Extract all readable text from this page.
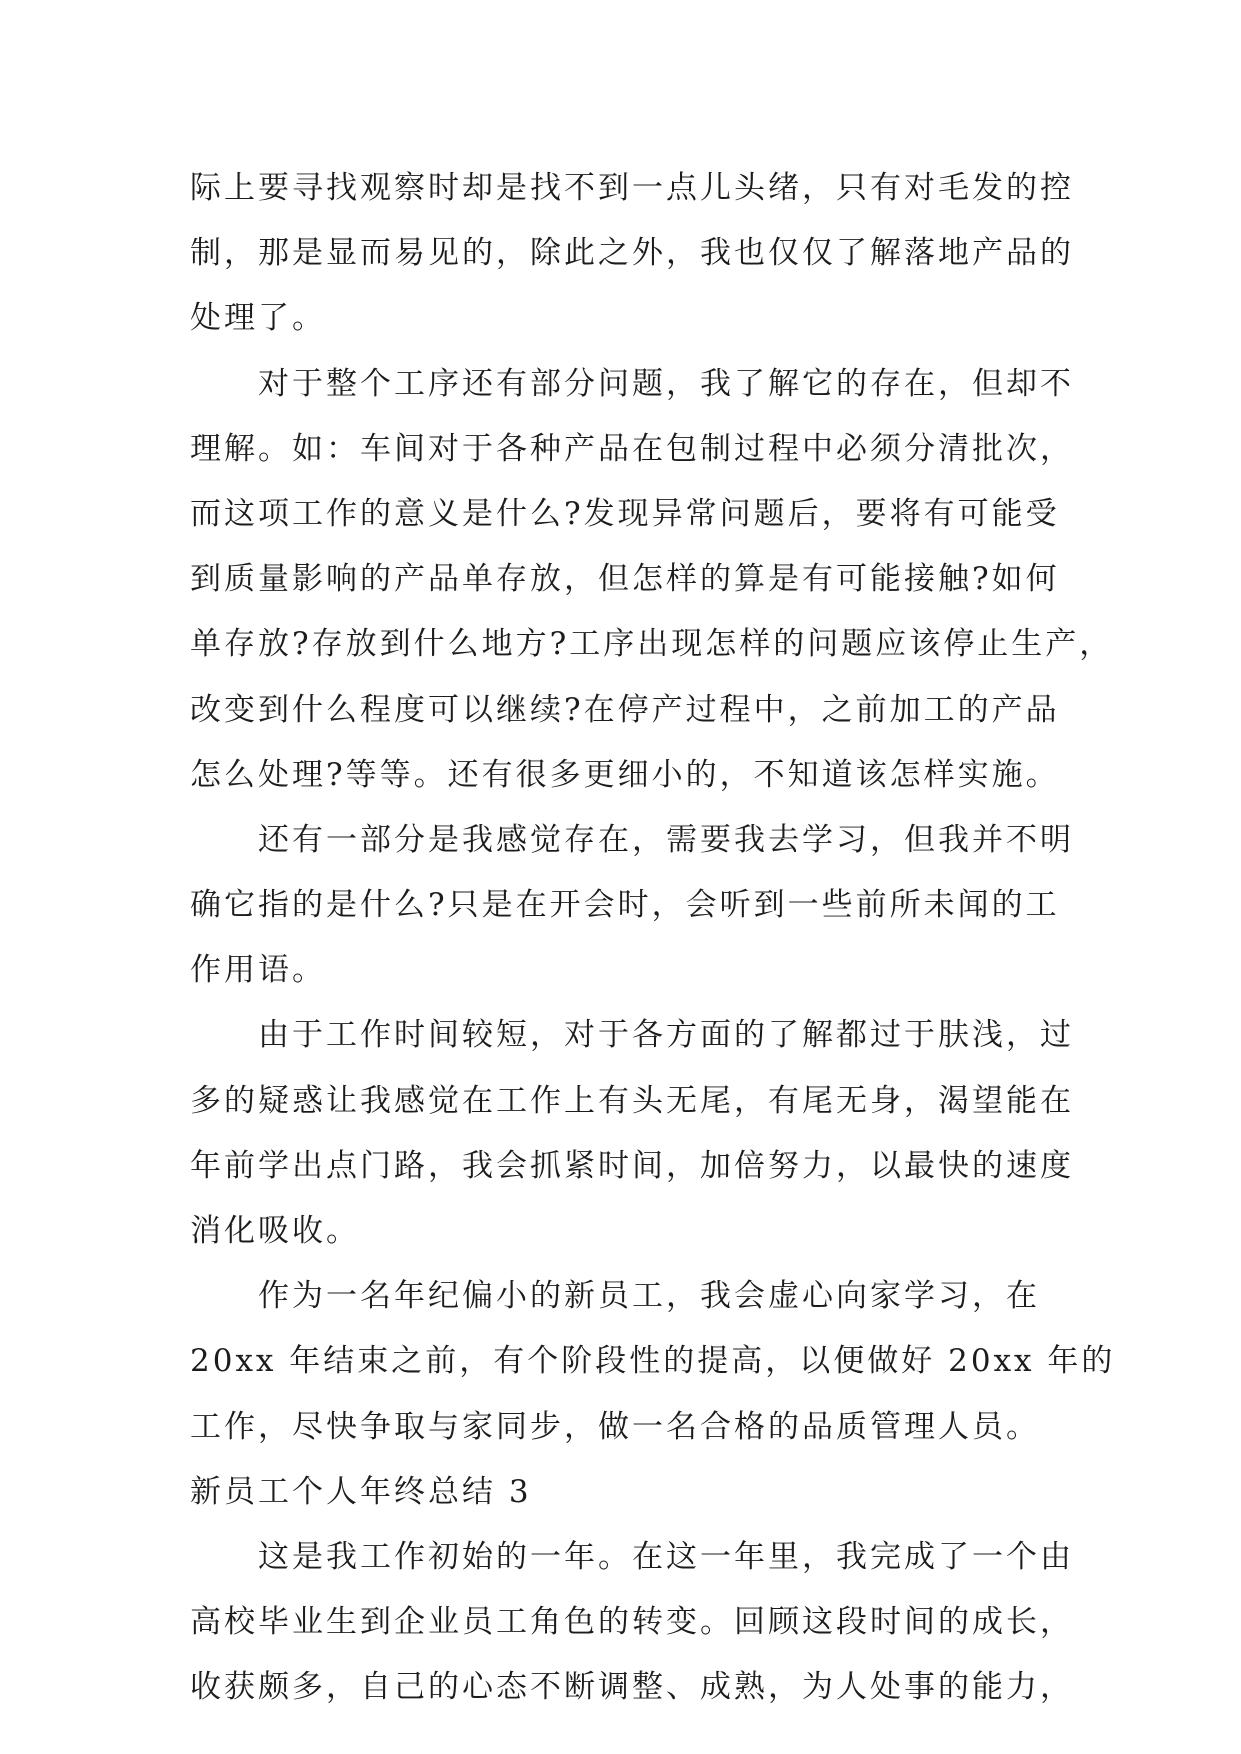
际上要寻找观察时却是找不到一点儿头绪，只有对毛发的控
制，那是显而易见的，除此之外，我也仅仅了解落地产品的
处理了。
对于整个工序还有部分问题，我了解它的存在，但却不
理解。如：车间对于各种产品在包制过程中必须分清批次，
而这项工作的意义是什么?发现异常问题后，要将有可能受
到质量影响的产品单存放，但怎样的算是有可能接触?如何
单存放?存放到什么地方?工序出现怎样的问题应该停止生产，
改变到什么程度可以继续?在停产过程中，之前加工的产品
怎么处理?等等。还有很多更细小的，不知道该怎样实施。
还有一部分是我感觉存在，需要我去学习，但我并不明
确它指的是什么?只是在开会时，会听到一些前所未闻的工
作用语。
由于工作时间较短，对于各方面的了解都过于肤浅，过
多的疑惑让我感觉在工作上有头无尾，有尾无身，渴望能在
年前学出点门路，我会抓紧时间，加倍努力，以最快的速度
消化吸收。
作为一名年纪偏小的新员工，我会虚心向家学习，在
20xx 年结束之前，有个阶段性的提高，以便做好 20xx 年的
工作，尽快争取与家同步，做一名合格的品质管理人员。
新员工个人年终总结 3
这是我工作初始的一年。在这一年里，我完成了一个由
高校毕业生到企业员工角色的转变。回顾这段时间的成长，
收获颇多，自己的心态不断调整、成熟，为人处事的能力，
